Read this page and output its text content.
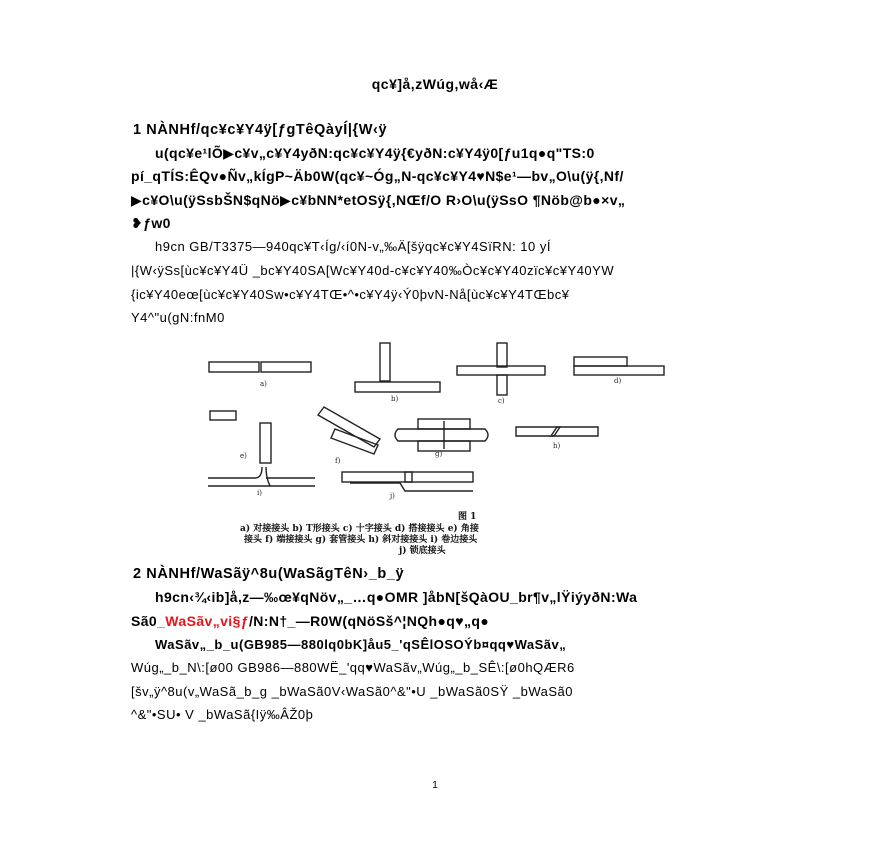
qc¥]å,zWúg,wå‹Æ
1 NÀNHf/qc¥c¥Y4ÿ[ƒgTêQàyÍ|{W‹ÿ
u(qc¥e¹lÕ▶c¥v„c¥Y4yðN:qc¥c¥Y4ÿ{€yðN:c¥Y4ÿ0[ƒu1q●q"TS:0
pí_qTÍS:ÊQv●Ñv„kÍgP~Äb0W(qc¥~Óg„N-qc¥c¥Y4♥N$e¹—bv„O\u(ÿ{,Nf/
▶c¥O\u(ÿSsbŠN$qNö▶c¥bNN*etOSÿ{,NŒf/O R›O\u(ÿSsO ¶Nöb@b●×v„
❥ƒw0
h9cn GB/T3375—940qc¥T‹Íg/‹í0N-v„‰Ä[šÿqc¥c¥Y4SïRN: 10 yÍ
|{W‹ÿSs[ùc¥c¥Y4Ü _bc¥Y40SA[Wc¥Y40d-c¥c¥Y40‰Òc¥c¥Y40zïc¥c¥Y40YW
{ic¥Y40eœ[ùc¥c¥Y40Sw•c¥Y4TŒ•^•c¥Y4ÿ‹Ý0þvN-Nå[ùc¥c¥Y4TŒbc¥
Y4^"u(gN:fnM0
a)
b)	c)
d)
e)
f)
g)
h)
i)	j)
图 1
a) 对接接头 b) T形接头 c) 十字接头 d) 搭接接头 e) 角接
接头 f) 端接接头 g) 套管接头 h) 斜对接接头 i) 卷边接头
j) 锁底接头
2 NÀNHf/WaSãÿ^8u(WaSãgTêN›_b_ÿ
h9cn‹¾‹ib]å,z—‰œ¥qNöv„_…q●OMR ]åbN[šQàOU_br¶v„lŸiýyðN:Wa
Sã0_WaSãv„vi§ƒ/N:N†_—R0W(qNöSš^¦NQh●q♥„q●
WaSãv„_b_u(GB985—880lq0bK]åu5_'qSÊlOSOÝb¤qq♥WaSãv„
Wúg„_b_N\:[ø00 GB986—880WË_'qq♥WaSãv„Wúg„_b_SÊ\:[ø0hQÆR6
[šv„ÿ^8u(v„WaSã_b_g _bWaSã0V‹WaSã0^&"•U _bWaSã0SŸ _bWaSã0
^&"•SU• V _bWaSã{Iÿ‰ÂŽ0þ
1
